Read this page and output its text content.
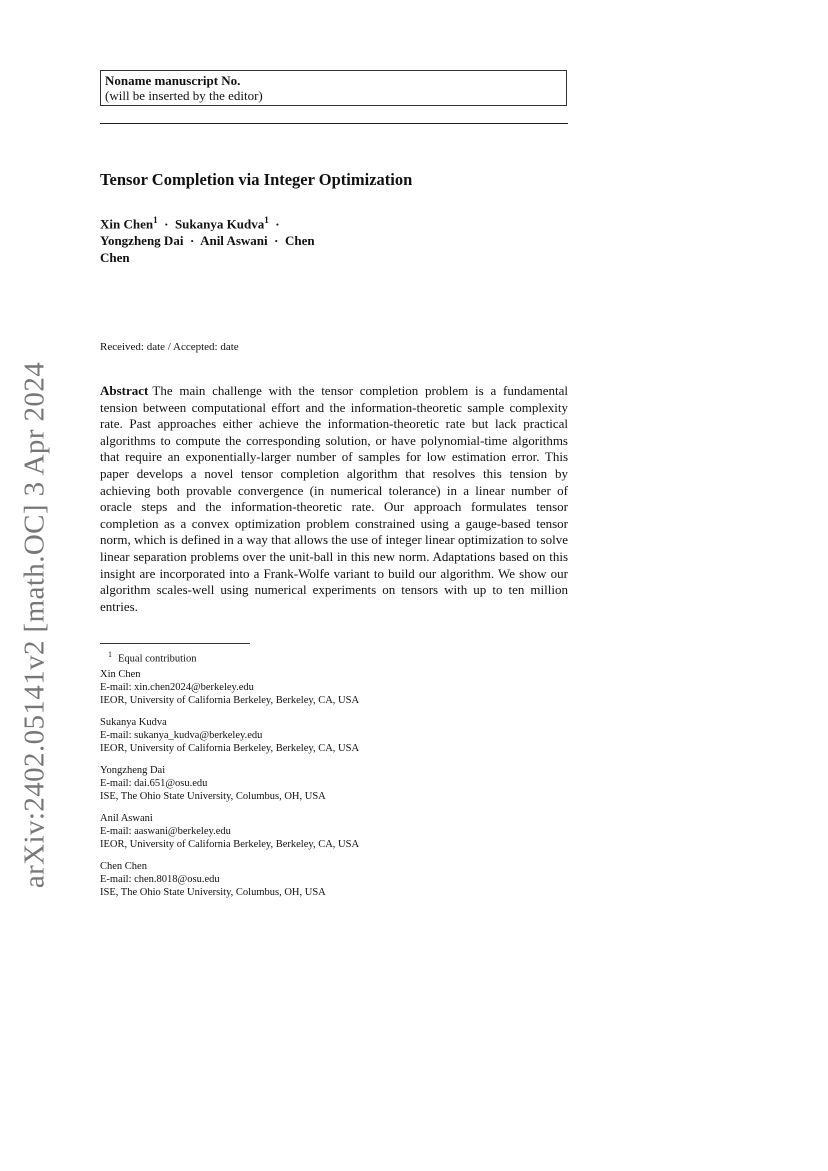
arXiv:2402.05141v2 [math.OC] 3 Apr 2024
Noname manuscript No.
(will be inserted by the editor)
Tensor Completion via Integer Optimization
Xin Chen$^1$ · Sukanya Kudva$^1$ ·
Yongzheng Dai · Anil Aswani · Chen
Chen
Received: date / Accepted: date

Abstract The main challenge with the tensor completion problem is a fundamental tension between computational effort and the information-theoretic sample complexity rate. Past approaches either achieve the information-theoretic rate but lack practical algorithms to compute the corresponding solution, or have polynomial-time algorithms that require an exponentially-larger number of samples for low estimation error. This paper develops a novel tensor completion algorithm that resolves this tension by achieving both provable convergence (in numerical tolerance) in a linear number of oracle steps and the information-theoretic rate. Our approach formulates tensor completion as a convex optimization problem constrained using a gauge-based tensor norm, which is defined in a way that allows the use of integer linear optimization to solve linear separation problems over the unit-ball in this new norm. Adaptations based on this insight are incorporated into a Frank-Wolfe variant to build our algorithm. We show our algorithm scales-well using numerical experiments on tensors with up to ten million entries.

$^1$ Equal contribution
Xin Chen
E-mail: xin.chen2024@berkeley.edu
IEOR, University of California Berkeley, Berkeley, CA, USA
Sukanya Kudva
E-mail: sukanya_kudva@berkeley.edu
IEOR, University of California Berkeley, Berkeley, CA, USA
Yongzheng Dai
E-mail: dai.651@osu.edu
ISE, The Ohio State University, Columbus, OH, USA
Anil Aswani
E-mail: aaswani@berkeley.edu
IEOR, University of California Berkeley, Berkeley, CA, USA
Chen Chen
E-mail: chen.8018@osu.edu
ISE, The Ohio State University, Columbus, OH, USA
